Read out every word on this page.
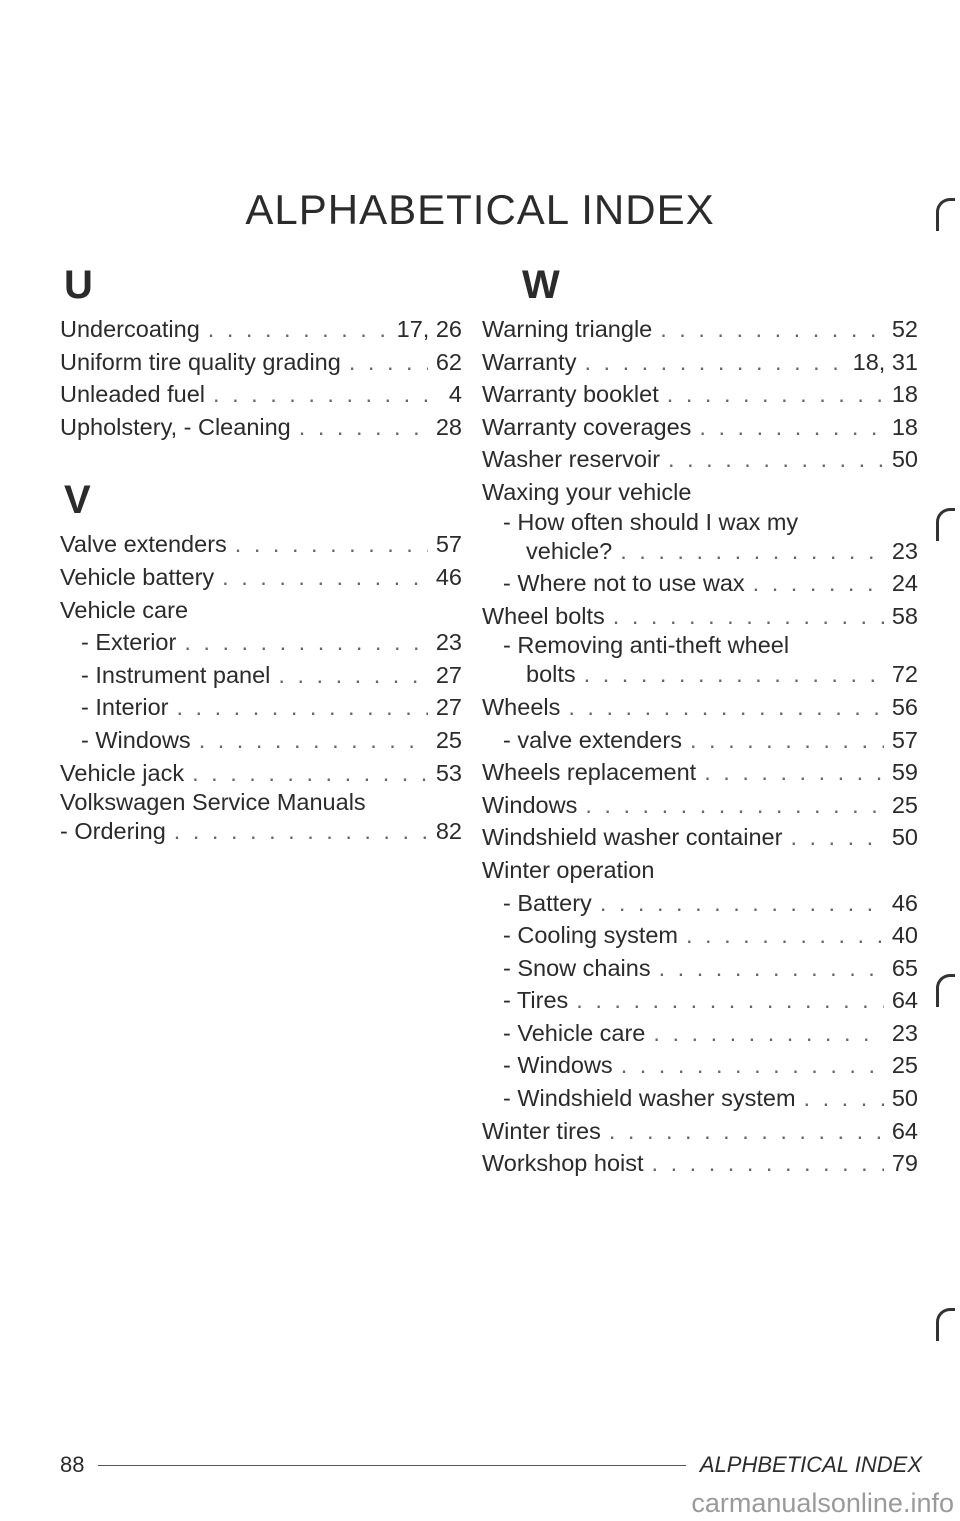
ALPHABETICAL INDEX
U
Undercoating . . .	17, 26
Uniform tire quality grading . . .	62
Unleaded fuel . . .	4
Upholstery, - Cleaning . . .	28
V
Valve extenders . . .	57
Vehicle battery . . .	46
Vehicle care
- Exterior . . .	23
- Instrument panel . . .	27
- Interior . . .	27
- Windows . . .	25
Vehicle jack . . .	53
Volkswagen Service Manuals
- Ordering . . .	82
W
Warning triangle . . .	52
Warranty . . .	18, 31
Warranty booklet . . .	18
Warranty coverages . . .	18
Washer reservoir . . .	50
Waxing your vehicle
- How often should I wax my
vehicle? . . .	23
- Where not to use wax . . .	24
Wheel bolts . . .	58
- Removing anti-theft wheel
bolts . . .	72
Wheels . . .	56
- valve extenders . . .	57
Wheels replacement . . .	59
Windows . . .	25
Windshield washer container . . .	50
Winter operation
- Battery . . .	46
- Cooling system . . .	40
- Snow chains . . .	65
- Tires . . .	64
- Vehicle care . . .	23
- Windows . . .	25
- Windshield washer system . . .	50
Winter tires . . .	64
Workshop hoist . . .	79
88	ALPHBETICAL INDEX
carmanualsonline.info
